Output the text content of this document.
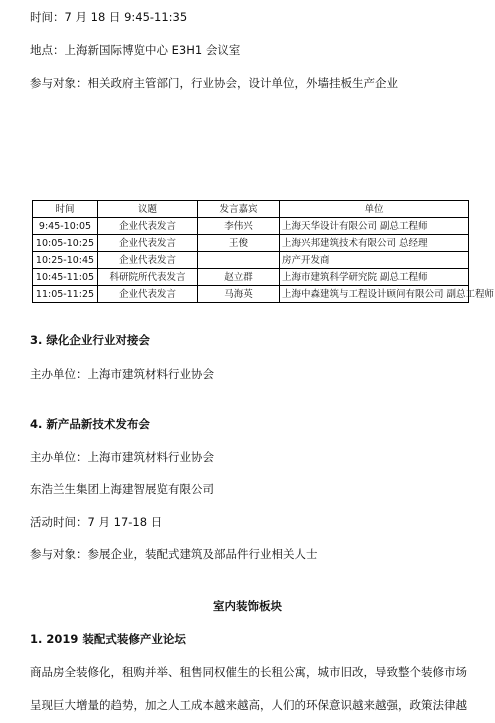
时间：7 月 18 日 9:45-11:35
地点：上海新国际博览中心 E3H1 会议室
参与对象：相关政府主管部门，行业协会，设计单位，外墙挂板生产企业
时间	议题	发言嘉宾	单位
9:45-10:05	企业代表发言	李伟兴	上海天华设计有限公司 副总工程师
10:05-10:25	企业代表发言	王俊	上海兴邦建筑技术有限公司 总经理
10:25-10:45	企业代表发言		房产开发商
10:45-11:05	科研院所代表发言	赵立群	上海市建筑科学研究院 副总工程师
11:05-11:25	企业代表发言	马海英	上海中森建筑与工程设计顾问有限公司 副总工程师
3. 绿化企业行业对接会
主办单位：上海市建筑材料行业协会
4. 新产品新技术发布会
主办单位：上海市建筑材料行业协会
东浩兰生集团上海建智展览有限公司
活动时间：7 月 17-18 日
参与对象：参展企业，装配式建筑及部品件行业相关人士
室内装饰板块
1. 2019 装配式装修产业论坛
商品房全装修化，租购并举、租售同权催生的长租公寓，城市旧改，导致整个装修市场
呈现巨大增量的趋势，加之人工成本越来越高，人们的环保意识越来越强，政策法律越
